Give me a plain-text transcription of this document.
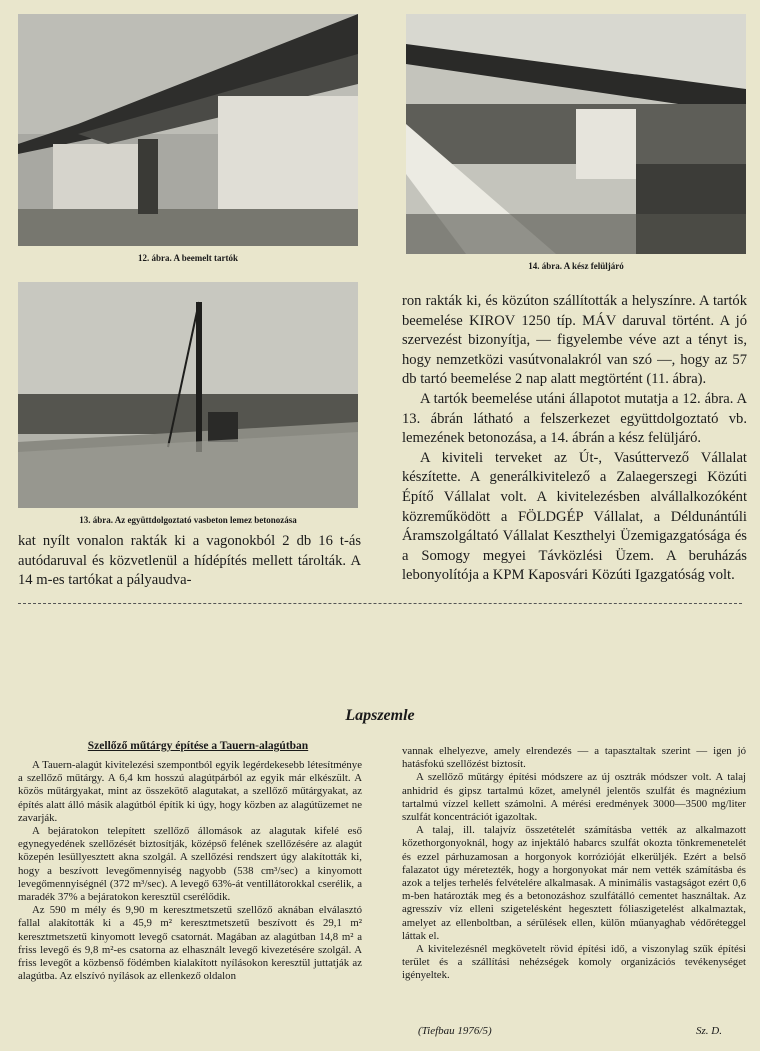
12. ábra. A beemelt tartók
14. ábra. A kész felüljáró
13. ábra. Az együttdolgoztató vasbeton lemez betonozása

kat nyílt vonalon rakták ki a vagonokból 2 db 16 t-ás autódaruval és közvetlenül a hídépítés mellett tárolták. A 14 m-es tartókat a pályaudva-

ron rakták ki, és közúton szállították a helyszínre. A tartók beemelése KIROV 1250 típ. MÁV daruval történt. A jó szervezést bizonyítja, — figyelembe véve azt a tényt is, hogy nemzetközi vasútvonalakról van szó —, hogy az 57 db tartó beemelése 2 nap alatt megtörtént (11. ábra).

A tartók beemelése utáni állapotot mutatja a 12. ábra. A 13. ábrán látható a felszerkezet együttdolgoztató vb. lemezének betonozása, a 14. ábrán a kész felüljáró.

A kiviteli terveket az Út-, Vasúttervező Vállalat készítette. A generálkivitelező a Zalaegerszegi Közúti Építő Vállalat volt. A kivitelezésben alvállalkozóként közreműködött a FÖLDGÉP Vállalat, a Déldunántúli Áramszolgáltató Vállalat Keszthelyi Üzemigazgatósága és a Somogy megyei Távközlési Üzem. A beruházás lebonyolítója a KPM Kaposvári Közúti Igazgatóság volt.

Lapszemle
Szellőző műtárgy építése a Tauern-alagútban

A Tauern-alagút kivitelezési szempontból egyik legérdekesebb létesítménye a szellőző műtárgy. A 6,4 km hosszú alagútpárból az egyik már elkészült. A közös műtárgyakat, mint az összekötő alagutakat, a szellőző műtárgyakat, az építés alatt álló másik alagútból építik ki úgy, hogy közben az alagútüzemet ne zavarják.

A bejáratokon telepített szellőző állomások az alagutak kifelé eső egynegyedének szellőzését biztosítják, középső felének szellőzésére az alagút közepén lesüllyesztett akna szolgál. A szellőzési rendszert úgy alakították ki, hogy a beszívott levegőmennyiség nagyobb (538 cm³/sec) a kinyomott levegőmennyiségnél (372 m³/sec). A levegő 63%-át ventillátorokkal cserélik, a maradék 37% a bejáratokon keresztül cserélődik.

Az 590 m mély és 9,90 m keresztmetszetű szellőző aknában elválasztó fallal alakították ki a 45,9 m² keresztmetszetű beszívott és 29,1 m² keresztmetszetű kinyomott levegő csatornát. Magában az alagútban 14,8 m² a friss levegő és 9,8 m²-es csatorna az elhasznált levegő kivezetésére szolgál. A friss levegőt a közbenső födémben kialakított nyílásokon keresztül juttatják az alagútba. Az elszívó nyílások az ellenkező oldalon

vannak elhelyezve, amely elrendezés — a tapasztaltak szerint — igen jó hatásfokú szellőzést biztosít.

A szellőző műtárgy építési módszere az új osztrák módszer volt. A talaj anhidrid és gipsz tartalmú kőzet, amelynél jelentős szulfát és magnézium tartalmú vízzel kellett számolni. A mérési eredmények 3000—3500 mg/liter szulfát koncentrációt igazoltak.

A talaj, ill. talajvíz összetételét számításba vették az alkalmazott kőzethorgonyoknál, hogy az injektáló habarcs szulfát okozta tönkremenetelét és ezzel párhuzamosan a horgonyok korrózióját elkerüljék. Ezért a belső falazatot úgy méretezték, hogy a horgonyokat már nem vették számításba és azok a teljes terhelés felvételére alkalmasak. A minimális vastagságot ezért 0,6 m-ben határozták meg és a betonozáshoz szulfátálló cementet használtak. Az agresszív víz elleni szigetelésként hegesztett fóliaszigetelést alkalmaztak, amelyet az ellenboltban, a sérülések ellen, külön műanyaghab védőréteggel láttak el.

A kivitelezésnél megkövetelt rövid építési idő, a viszonylag szűk építési terület és a szállítási nehézségek komoly organizációs tevékenységet igényeltek.

(Tiefbau 1976/5)	Sz. D.
